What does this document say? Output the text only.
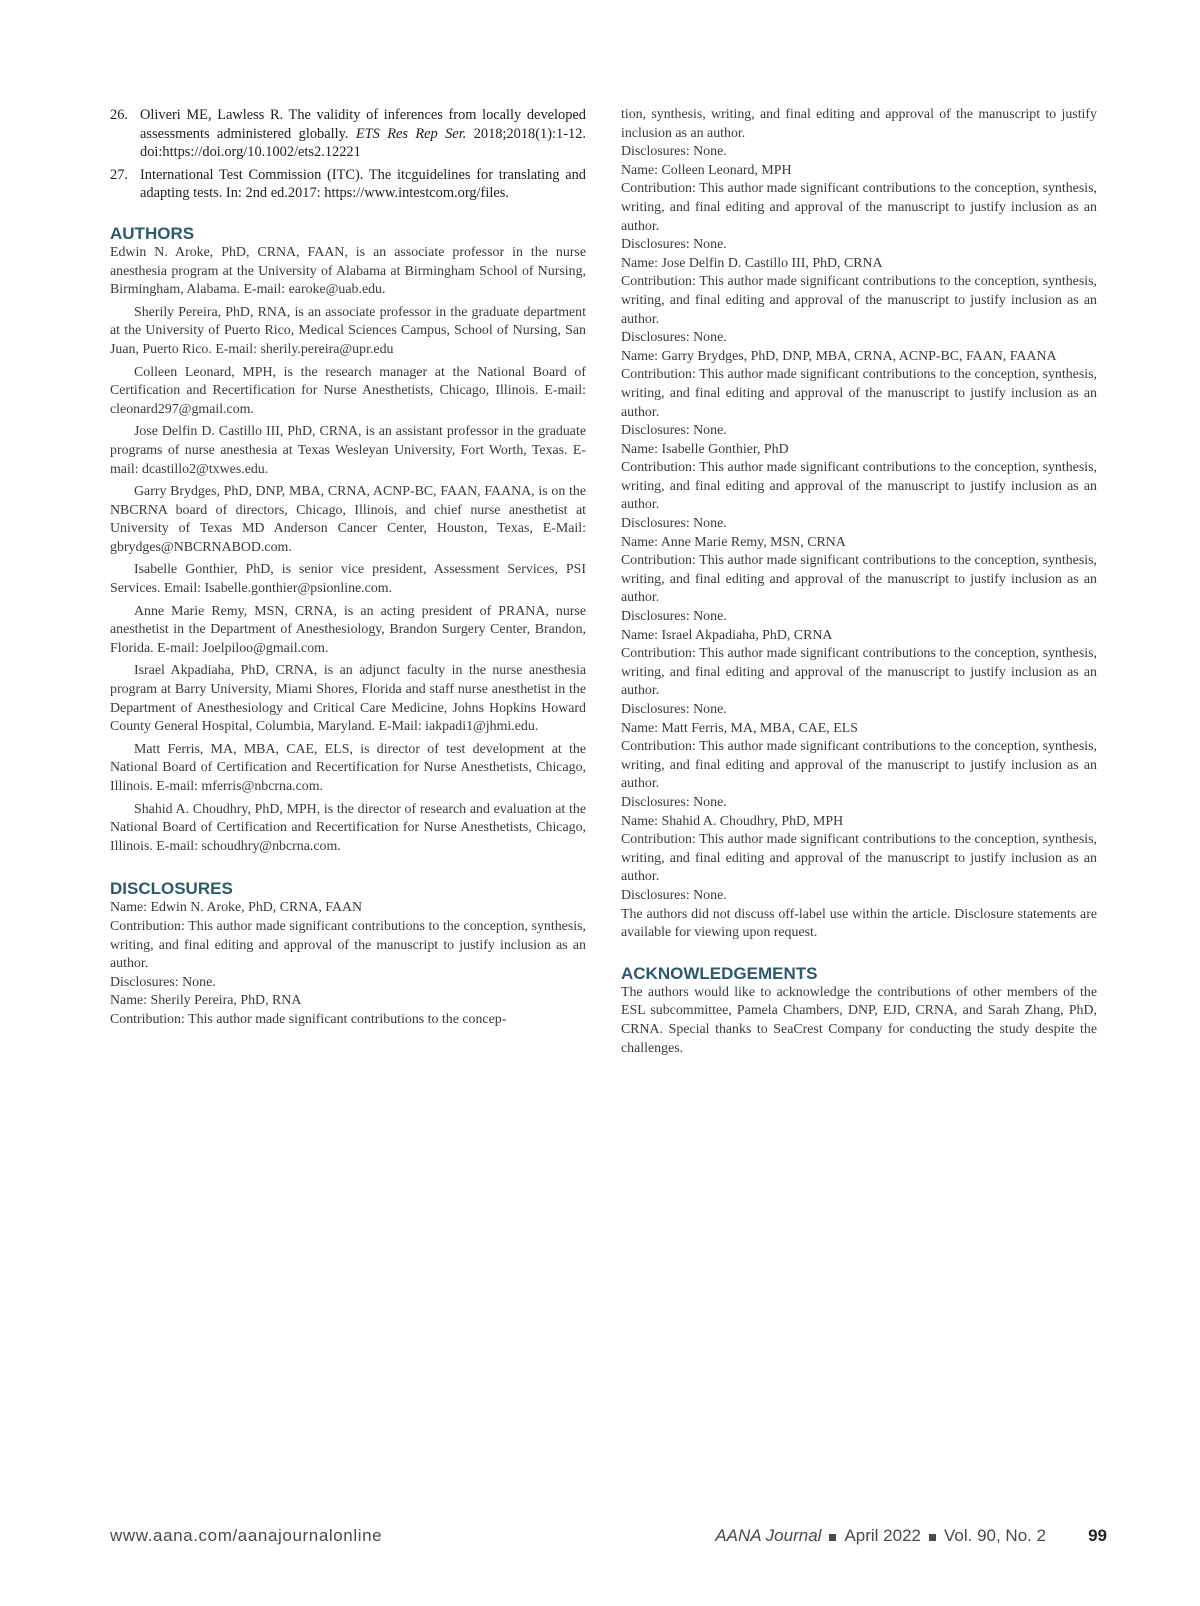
26. Oliveri ME, Lawless R. The validity of inferences from locally developed assessments administered globally. ETS Res Rep Ser. 2018;2018(1):1-12. doi:https://doi.org/10.1002/ets2.12221
27. International Test Commission (ITC). The itcguidelines for translating and adapting tests. In: 2nd ed.2017: https://www.intestcom.org/files.
AUTHORS

Edwin N. Aroke, PhD, CRNA, FAAN, is an associate professor in the nurse anesthesia program at the University of Alabama at Birmingham School of Nursing, Birmingham, Alabama. E-mail: earoke@uab.edu.

Sherily Pereira, PhD, RNA, is an associate professor in the graduate department at the University of Puerto Rico, Medical Sciences Campus, School of Nursing, San Juan, Puerto Rico. E-mail: sherily.pereira@upr.edu

Colleen Leonard, MPH, is the research manager at the National Board of Certification and Recertification for Nurse Anesthetists, Chicago, Illinois. E-mail: cleonard297@gmail.com.

Jose Delfin D. Castillo III, PhD, CRNA, is an assistant professor in the graduate programs of nurse anesthesia at Texas Wesleyan University, Fort Worth, Texas. E-mail: dcastillo2@txwes.edu.

Garry Brydges, PhD, DNP, MBA, CRNA, ACNP-BC, FAAN, FAANA, is on the NBCRNA board of directors, Chicago, Illinois, and chief nurse anesthetist at University of Texas MD Anderson Cancer Center, Houston, Texas, E-Mail: gbrydges@NBCRNABOD.com.

Isabelle Gonthier, PhD, is senior vice president, Assessment Services, PSI Services. Email: Isabelle.gonthier@psionline.com.

Anne Marie Remy, MSN, CRNA, is an acting president of PRANA, nurse anesthetist in the Department of Anesthesiology, Brandon Surgery Center, Brandon, Florida. E-mail: Joelpiloo@gmail.com.

Israel Akpadiaha, PhD, CRNA, is an adjunct faculty in the nurse anesthesia program at Barry University, Miami Shores, Florida and staff nurse anesthetist in the Department of Anesthesiology and Critical Care Medicine, Johns Hopkins Howard County General Hospital, Columbia, Maryland. E-Mail: iakpadi1@jhmi.edu.

Matt Ferris, MA, MBA, CAE, ELS, is director of test development at the National Board of Certification and Recertification for Nurse Anesthetists, Chicago, Illinois. E-mail: mferris@nbcrna.com.

Shahid A. Choudhry, PhD, MPH, is the director of research and evaluation at the National Board of Certification and Recertification for Nurse Anesthetists, Chicago, Illinois. E-mail: schoudhry@nbcrna.com.

DISCLOSURES

Name: Edwin N. Aroke, PhD, CRNA, FAAN

Contribution: This author made significant contributions to the conception, synthesis, writing, and final editing and approval of the manuscript to justify inclusion as an author.

Disclosures: None.

Name: Sherily Pereira, PhD, RNA

Contribution: This author made significant contributions to the concep-

tion, synthesis, writing, and final editing and approval of the manuscript to justify inclusion as an author.

Disclosures: None.

Name: Colleen Leonard, MPH

Contribution: This author made significant contributions to the conception, synthesis, writing, and final editing and approval of the manuscript to justify inclusion as an author.

Disclosures: None.

Name: Jose Delfin D. Castillo III, PhD, CRNA

Contribution: This author made significant contributions to the conception, synthesis, writing, and final editing and approval of the manuscript to justify inclusion as an author.

Disclosures: None.

Name: Garry Brydges, PhD, DNP, MBA, CRNA, ACNP-BC, FAAN, FAANA

Contribution: This author made significant contributions to the conception, synthesis, writing, and final editing and approval of the manuscript to justify inclusion as an author.

Disclosures: None.

Name: Isabelle Gonthier, PhD

Contribution: This author made significant contributions to the conception, synthesis, writing, and final editing and approval of the manuscript to justify inclusion as an author.

Disclosures: None.

Name: Anne Marie Remy, MSN, CRNA

Contribution: This author made significant contributions to the conception, synthesis, writing, and final editing and approval of the manuscript to justify inclusion as an author.

Disclosures: None.

Name: Israel Akpadiaha, PhD, CRNA

Contribution: This author made significant contributions to the conception, synthesis, writing, and final editing and approval of the manuscript to justify inclusion as an author.

Disclosures: None.

Name: Matt Ferris, MA, MBA, CAE, ELS

Contribution: This author made significant contributions to the conception, synthesis, writing, and final editing and approval of the manuscript to justify inclusion as an author.

Disclosures: None.

Name: Shahid A. Choudhry, PhD, MPH

Contribution: This author made significant contributions to the conception, synthesis, writing, and final editing and approval of the manuscript to justify inclusion as an author.

Disclosures: None.

The authors did not discuss off-label use within the article. Disclosure statements are available for viewing upon request.

ACKNOWLEDGEMENTS

The authors would like to acknowledge the contributions of other members of the ESL subcommittee, Pamela Chambers, DNP, EJD, CRNA, and Sarah Zhang, PhD, CRNA. Special thanks to SeaCrest Company for conducting the study despite the challenges.

www.aana.com/aanajournalonline	AANA Journal April 2022 Vol. 90, No. 2 99
